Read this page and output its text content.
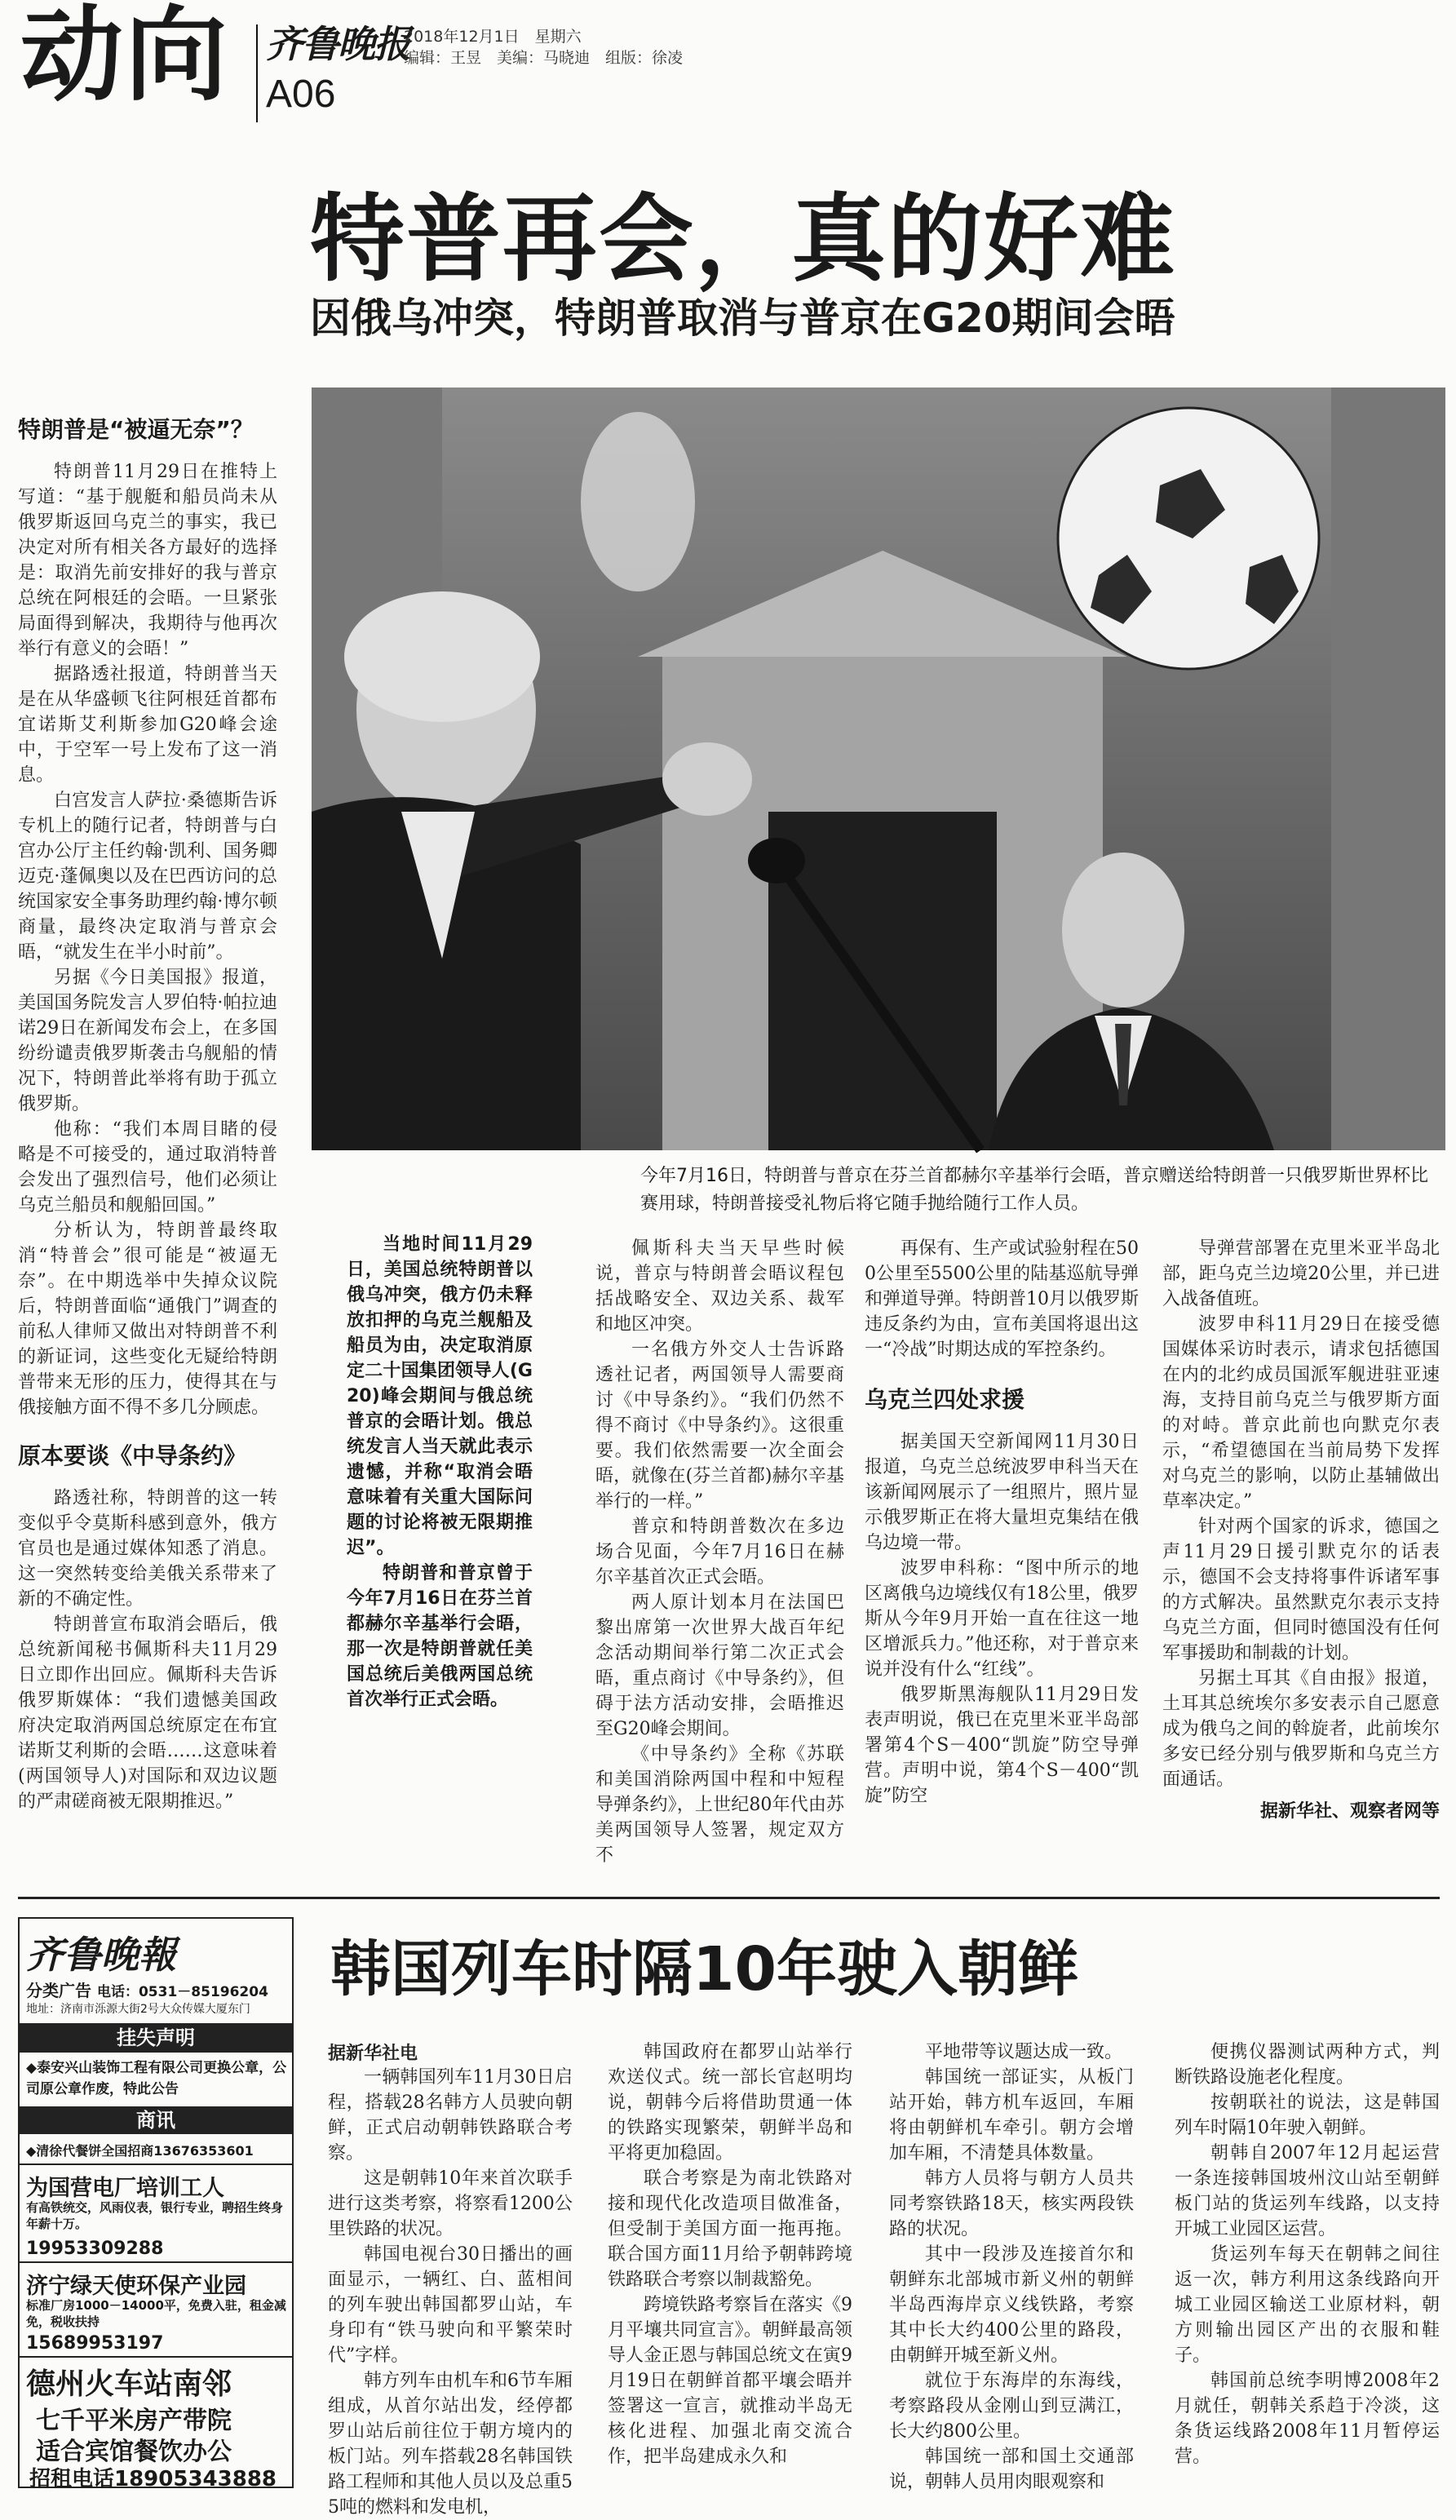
动向 齐鲁晚报
A06
2018年12月1日　星期六
编辑：王昱　美编：马晓迪　组版：徐凌
特普再会，真的好难
因俄乌冲突，特朗普取消与普京在G20期间会晤
今年7月16日，特朗普与普京在芬兰首都赫尔辛基举行会晤，普京赠送给特朗普一只俄罗斯世界杯比赛用球，特朗普接受礼物后将它随手抛给随行工作人员。
特朗普是“被逼无奈”？

特朗普11月29日在推特上写道：“基于舰艇和船员尚未从俄罗斯返回乌克兰的事实，我已决定对所有相关各方最好的选择是：取消先前安排好的我与普京总统在阿根廷的会晤。一旦紧张局面得到解决，我期待与他再次举行有意义的会晤！”

据路透社报道，特朗普当天是在从华盛顿飞往阿根廷首都布宜诺斯艾利斯参加G20峰会途中，于空军一号上发布了这一消息。

白宫发言人萨拉·桑德斯告诉专机上的随行记者，特朗普与白宫办公厅主任约翰·凯利、国务卿迈克·蓬佩奥以及在巴西访问的总统国家安全事务助理约翰·博尔顿商量，最终决定取消与普京会晤，“就发生在半小时前”。

另据《今日美国报》报道，美国国务院发言人罗伯特·帕拉迪诺29日在新闻发布会上，在多国纷纷谴责俄罗斯袭击乌舰船的情况下，特朗普此举将有助于孤立俄罗斯。

他称：“我们本周目睹的侵略是不可接受的，通过取消特普会发出了强烈信号，他们必须让乌克兰船员和舰船回国。”

分析认为，特朗普最终取消“特普会”很可能是“被逼无奈”。在中期选举中失掉众议院后，特朗普面临“通俄门”调查的前私人律师又做出对特朗普不利的新证词，这些变化无疑给特朗普带来无形的压力，使得其在与俄接触方面不得不多几分顾虑。

原本要谈《中导条约》

路透社称，特朗普的这一转变似乎令莫斯科感到意外，俄方官员也是通过媒体知悉了消息。这一突然转变给美俄关系带来了新的不确定性。

特朗普宣布取消会晤后，俄总统新闻秘书佩斯科夫11月29日立即作出回应。佩斯科夫告诉俄罗斯媒体：“我们遗憾美国政府决定取消两国总统原定在布宜诺斯艾利斯的会晤……这意味着(两国领导人)对国际和双边议题的严肃磋商被无限期推迟。”

当地时间11月29日，美国总统特朗普以俄乌冲突，俄方仍未释放扣押的乌克兰舰船及船员为由，决定取消原定二十国集团领导人(G20)峰会期间与俄总统普京的会晤计划。俄总统发言人当天就此表示遗憾，并称“取消会晤意味着有关重大国际问题的讨论将被无限期推迟”。

特朗普和普京曾于今年7月16日在芬兰首都赫尔辛基举行会晤，那一次是特朗普就任美国总统后美俄两国总统首次举行正式会晤。

佩斯科夫当天早些时候说，普京与特朗普会晤议程包括战略安全、双边关系、裁军和地区冲突。

一名俄方外交人士告诉路透社记者，两国领导人需要商讨《中导条约》。“我们仍然不得不商讨《中导条约》。这很重要。我们依然需要一次全面会晤，就像在(芬兰首都)赫尔辛基举行的一样。”

普京和特朗普数次在多边场合见面，今年7月16日在赫尔辛基首次正式会晤。

两人原计划本月在法国巴黎出席第一次世界大战百年纪念活动期间举行第二次正式会晤，重点商讨《中导条约》，但碍于法方活动安排，会晤推迟至G20峰会期间。

《中导条约》全称《苏联和美国消除两国中程和中短程导弹条约》，上世纪80年代由苏美两国领导人签署，规定双方不

再保有、生产或试验射程在500公里至5500公里的陆基巡航导弹和弹道导弹。特朗普10月以俄罗斯违反条约为由，宣布美国将退出这一“冷战”时期达成的军控条约。

乌克兰四处求援

据美国天空新闻网11月30日报道，乌克兰总统波罗申科当天在该新闻网展示了一组照片，照片显示俄罗斯正在将大量坦克集结在俄乌边境一带。

波罗申科称：“图中所示的地区离俄乌边境线仅有18公里，俄罗斯从今年9月开始一直在往这一地区增派兵力。”他还称，对于普京来说并没有什么“红线”。

俄罗斯黑海舰队11月29日发表声明说，俄已在克里米亚半岛部署第4个S－400“凯旋”防空导弹营。声明中说，第4个S－400“凯旋”防空

导弹营部署在克里米亚半岛北部，距乌克兰边境20公里，并已进入战备值班。

波罗申科11月29日在接受德国媒体采访时表示，请求包括德国在内的北约成员国派军舰进驻亚速海，支持目前乌克兰与俄罗斯方面的对峙。普京此前也向默克尔表示，“希望德国在当前局势下发挥对乌克兰的影响，以防止基辅做出草率决定。”

针对两个国家的诉求，德国之声11月29日援引默克尔的话表示，德国不会支持将事件诉诸军事的方式解决。虽然默克尔表示支持乌克兰方面，但同时德国没有任何军事援助和制裁的计划。

另据土耳其《自由报》报道，土耳其总统埃尔多安表示自己愿意成为俄乌之间的斡旋者，此前埃尔多安已经分别与俄罗斯和乌克兰方面通话。

据新华社、观察者网等
齐鲁晚報
分类广告 电话：0531－85196204
地址：济南市泺源大街2号大众传媒大厦东门
挂失声明
◆泰安兴山装饰工程有限公司更换公章，公司原公章作废，特此公告
商讯
◆清徐代餐饼全国招商13676353601
为国营电厂培训工人
有高铁统交，风雨仪表，银行专业，聘招生终身年薪十万。
19953309288
济宁绿天使环保产业园
标准厂房1000－14000平，免费入驻，租金减免，税收扶持
15689953197
德州火车站南邻
七千平米房产带院
适合宾馆餐饮办公
招租电话18905343888
韩国列车时隔10年驶入朝鲜
据新华社电

一辆韩国列车11月30日启程，搭载28名韩方人员驶向朝鲜，正式启动朝韩铁路联合考察。

这是朝韩10年来首次联手进行这类考察，将察看1200公里铁路的状况。

韩国电视台30日播出的画面显示，一辆红、白、蓝相间的列车驶出韩国都罗山站，车身印有“铁马驶向和平繁荣时代”字样。

韩方列车由机车和6节车厢组成，从首尔站出发，经停都罗山站后前往位于朝方境内的板门站。列车搭载28名韩国铁路工程师和其他人员以及总重55吨的燃料和发电机，

韩国政府在都罗山站举行欢送仪式。统一部长官赵明均说，朝韩今后将借助贯通一体的铁路实现繁荣，朝鲜半岛和平将更加稳固。

联合考察是为南北铁路对接和现代化改造项目做准备，但受制于美国方面一拖再拖。联合国方面11月给予朝韩跨境铁路联合考察以制裁豁免。

跨境铁路考察旨在落实《9月平壤共同宣言》。朝鲜最高领导人金正恩与韩国总统文在寅9月19日在朝鲜首都平壤会晤并签署这一宣言，就推动半岛无核化进程、加强北南交流合作，把半岛建成永久和

平地带等议题达成一致。

韩国统一部证实，从板门站开始，韩方机车返回，车厢将由朝鲜机车牵引。朝方会增加车厢，不清楚具体数量。

韩方人员将与朝方人员共同考察铁路18天，核实两段铁路的状况。

其中一段涉及连接首尔和朝鲜东北部城市新义州的朝鲜半岛西海岸京义线铁路，考察其中长大约400公里的路段，由朝鲜开城至新义州。

就位于东海岸的东海线，考察路段从金刚山到豆满江，长大约800公里。

韩国统一部和国土交通部说，朝韩人员用肉眼观察和

便携仪器测试两种方式，判断铁路设施老化程度。

按朝联社的说法，这是韩国列车时隔10年驶入朝鲜。

朝韩自2007年12月起运营一条连接韩国坡州汶山站至朝鲜板门站的货运列车线路，以支持开城工业园区运营。

货运列车每天在朝韩之间往返一次，韩方利用这条线路向开城工业园区输送工业原材料，朝方则输出园区产出的衣服和鞋子。

韩国前总统李明博2008年2月就任，朝韩关系趋于冷淡，这条货运线路2008年11月暂停运营。
